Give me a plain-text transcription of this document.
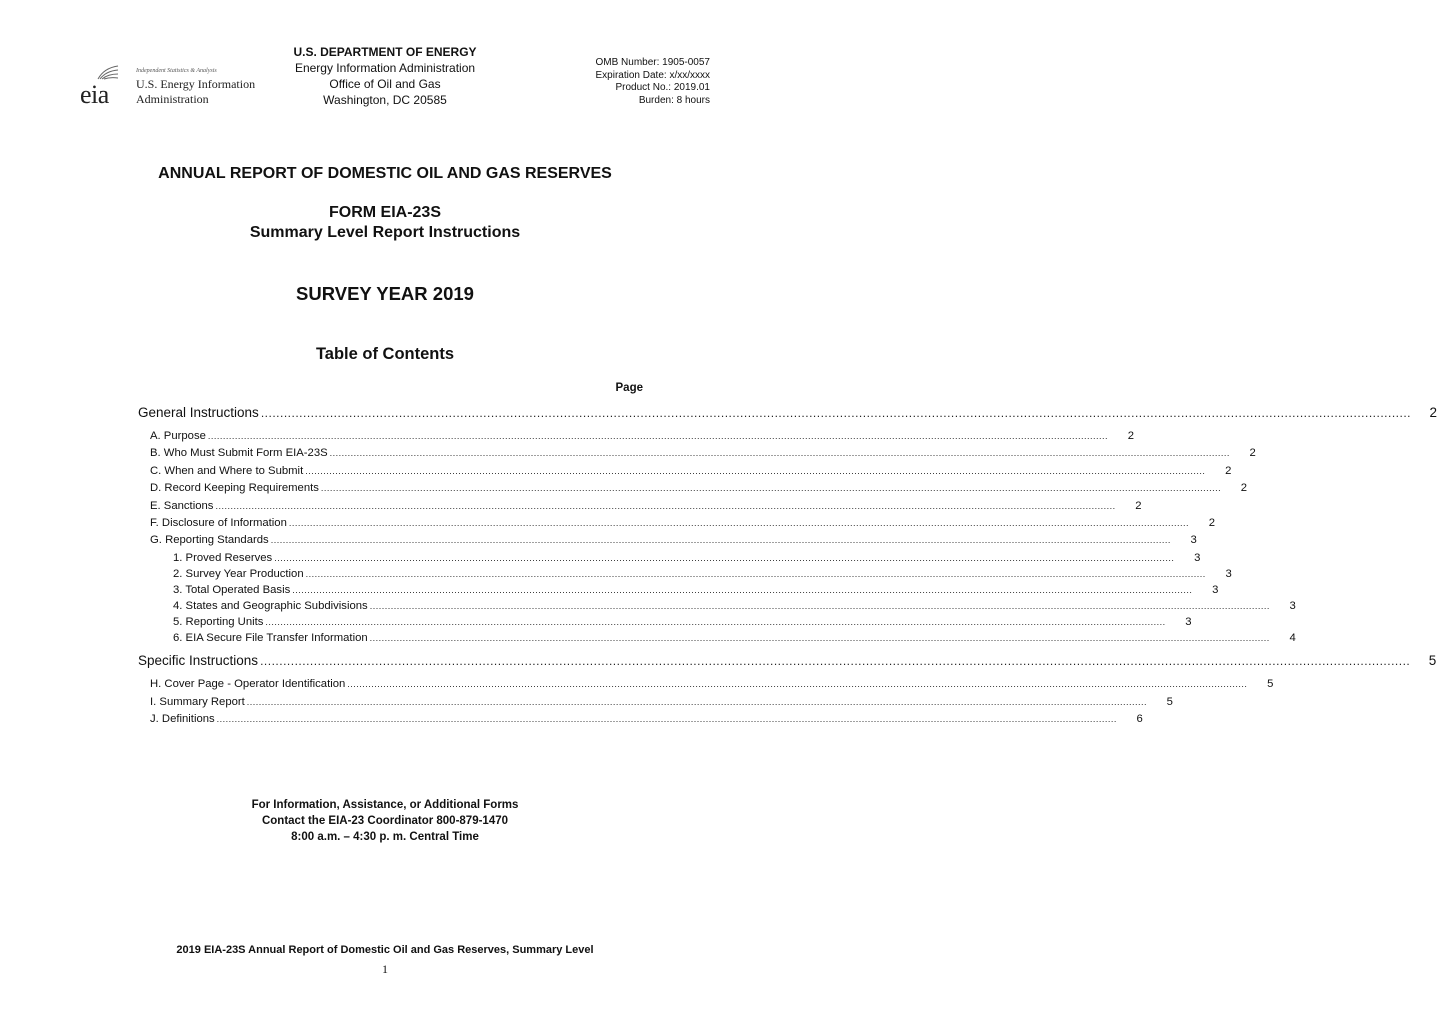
eia
Independent Statistics & Analysis
U.S. Energy Information
Administration
U.S. DEPARTMENT OF ENERGY
Energy Information Administration
Office of Oil and Gas
Washington, DC 20585
OMB Number: 1905-0057
Expiration Date: x/xx/xxxx
Product No.: 2019.01
Burden: 8 hours
ANNUAL REPORT OF DOMESTIC OIL AND GAS RESERVES
FORM EIA-23S
Summary Level Report Instructions
SURVEY YEAR 2019
Table of Contents
Page
General Instructions ............................................................................................................................................................................................................................................................................................................	2
A. Purpose ............................................................................................................................................................................................................................................................................................................	2
B. Who Must Submit Form EIA-23S ............................................................................................................................................................................................................................................................................................................	2
C. When and Where to Submit ............................................................................................................................................................................................................................................................................................................	2
D. Record Keeping Requirements ............................................................................................................................................................................................................................................................................................................	2
E. Sanctions ............................................................................................................................................................................................................................................................................................................	2
F. Disclosure of Information ............................................................................................................................................................................................................................................................................................................	2
G. Reporting Standards ............................................................................................................................................................................................................................................................................................................	3
1. Proved Reserves ............................................................................................................................................................................................................................................................................................................	3
2. Survey Year Production ............................................................................................................................................................................................................................................................................................................	3
3. Total Operated Basis ............................................................................................................................................................................................................................................................................................................	3
4. States and Geographic Subdivisions ............................................................................................................................................................................................................................................................................................................	3
5. Reporting Units ............................................................................................................................................................................................................................................................................................................	3
6. EIA Secure File Transfer Information ............................................................................................................................................................................................................................................................................................................	4
Specific Instructions ............................................................................................................................................................................................................................................................................................................	5
H. Cover Page - Operator Identification ............................................................................................................................................................................................................................................................................................................	5
I. Summary Report ............................................................................................................................................................................................................................................................................................................	5
J. Definitions ............................................................................................................................................................................................................................................................................................................	6
For Information, Assistance, or Additional Forms
Contact the EIA-23 Coordinator 800-879-1470
8:00 a.m. – 4:30 p. m. Central Time
2019 EIA-23S Annual Report of Domestic Oil and Gas Reserves, Summary Level
1
